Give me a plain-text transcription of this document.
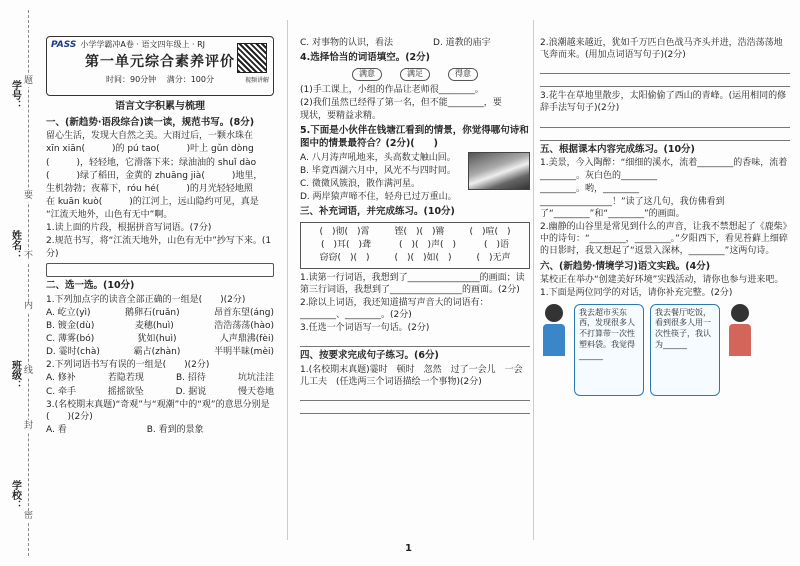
学号：
姓名：
班级：
学校：
题
要
不
内
线
封
密
PASS 小学学霸冲A卷 · 语文四年级上 · RJ
第一单元综合素养评价
时间：90分钟　 满分：100分	视频讲解
语言文字积累与梳理
一、(新趋势·语段综合)读一读，规范书写。(8分)
留心生活，发现大自然之美。大雨过后，一颗水珠在
xīn xiān(　　　)的 pú tao(　　　)叶上 gǔn dòng
(　　　)，轻轻地，它滑落下来；绿油油的 shuǐ dào
(　　　)绿了稻田，金黄的 zhuāng jià(　　　)地里，
生机勃勃；夜幕下，róu hé(　　　)的月光轻轻地照
在 kuān kuò(　　　)的江河上，远山隐约可见，真是
“江流天地外，山色有无中”啊。
1.读上面的片段，根据拼音写词语。(7分)
2.规范书写，将“江流天地外，山色有无中”抄写下来。(1分)
二、选一选。(10分)
1.下列加点字的读音全部正确的一组是(　　)(2分)
A. 屹立(yì)	鹅卵石(ruǎn)	昂首东望(áng)
B. 镀金(dù)	麦穗(huì)	浩浩荡荡(hào)
C. 薄雾(bó)	犹如(huì)	人声鼎沸(fèi)
D. 霎时(chà)	霸占(zhàn)	半明半昧(mèi)
2.下列词语书写有误的一组是(　　)(2分)
A. 修补	若隐若现	B. 招待	坑坑洼洼
C. 牵手	摇摇欲坠	D. 据说	慢天卷地
3.(名校期末真题)“奇观”与“观潮”中的“观”的意思分别是(　　)(2分)
A. 看	B. 看到的景象
C. 对事物的认识，看法	D. 道教的庙宇
4.选择恰当的词语填空。(2分)
满意	满足	得意
(1)手工课上，小组的作品让老师很________。
(2)我们虽然已经得了第一名，但不能________，要
现状，要精益求精。
5.下面是小伙伴在钱塘江看到的情景，你觉得哪句诗和图中的情景最符合？(2分)(　　)
A. 八月涛声吼地来，头高数丈触山回。
B. 毕竟西湖六月中，风光不与四时同。
C. 微微风簇浪，散作满河星。
D. 两岸猿声啼不住，轻舟已过万重山。
三、补充词语，并完成练习。(10分)
(　)彻(　)霄	铿(　)(　)锵	(　)喧(　)
(　)耳(　)聋	(　)(　)声(　)	(　)语
窃窃(　)(　)	(　)(　)如(　)	(　)无声
1.读第一行词语，我想到了________________的画面；读第三行词语，我想到了________________的画面。(2分)
2.除以上词语，我还知道描写声音大的词语有：________、________。(2分)
3.任选一个词语写一句话。(2分)
四、按要求完成句子练习。(6分)
1.(名校期末真题)霎时　顿时　忽然　过了一会儿　一会儿工夫　(任选两三个词语描绘一个事物)(2分)
2.浪潮越来越近，犹如千万匹白色战马齐头并进，浩浩荡荡地飞奔而来。(用加点词语写句子)(2分)
3.花牛在草地里散步，太阳偷偷了西山的青峰。(运用相同的修辞手法写句子)(2分)
五、根据课本内容完成练习。(10分)
1.美景，今入陶醉：“细细的溪水，流着________的香味，流着________。灰白色的________
________。哟，________
________________！”读了这几句，我仿佛看到了“________”和“________”的画面。
2.幽静的山谷里是常见到什么的声音，让我不禁想起了《鹿柴》中的诗句：“________，________。”夕阳西下，看见苔藓上细碎的日影时，我又想起了“返景入深林，________”这两句诗。
六、(新趋势·情境学习)语文实践。(4分)
某校正在举办“创建美好环境”实践活动，请你也参与进来吧。
1.下面是两位同学的对话，请你补充完整。(2分)
我去超市买东西，发现很多人不打算带一次性塑料袋。我觉得______
我去餐厅吃饭，看到很多人用一次性筷子，我认为______
1
